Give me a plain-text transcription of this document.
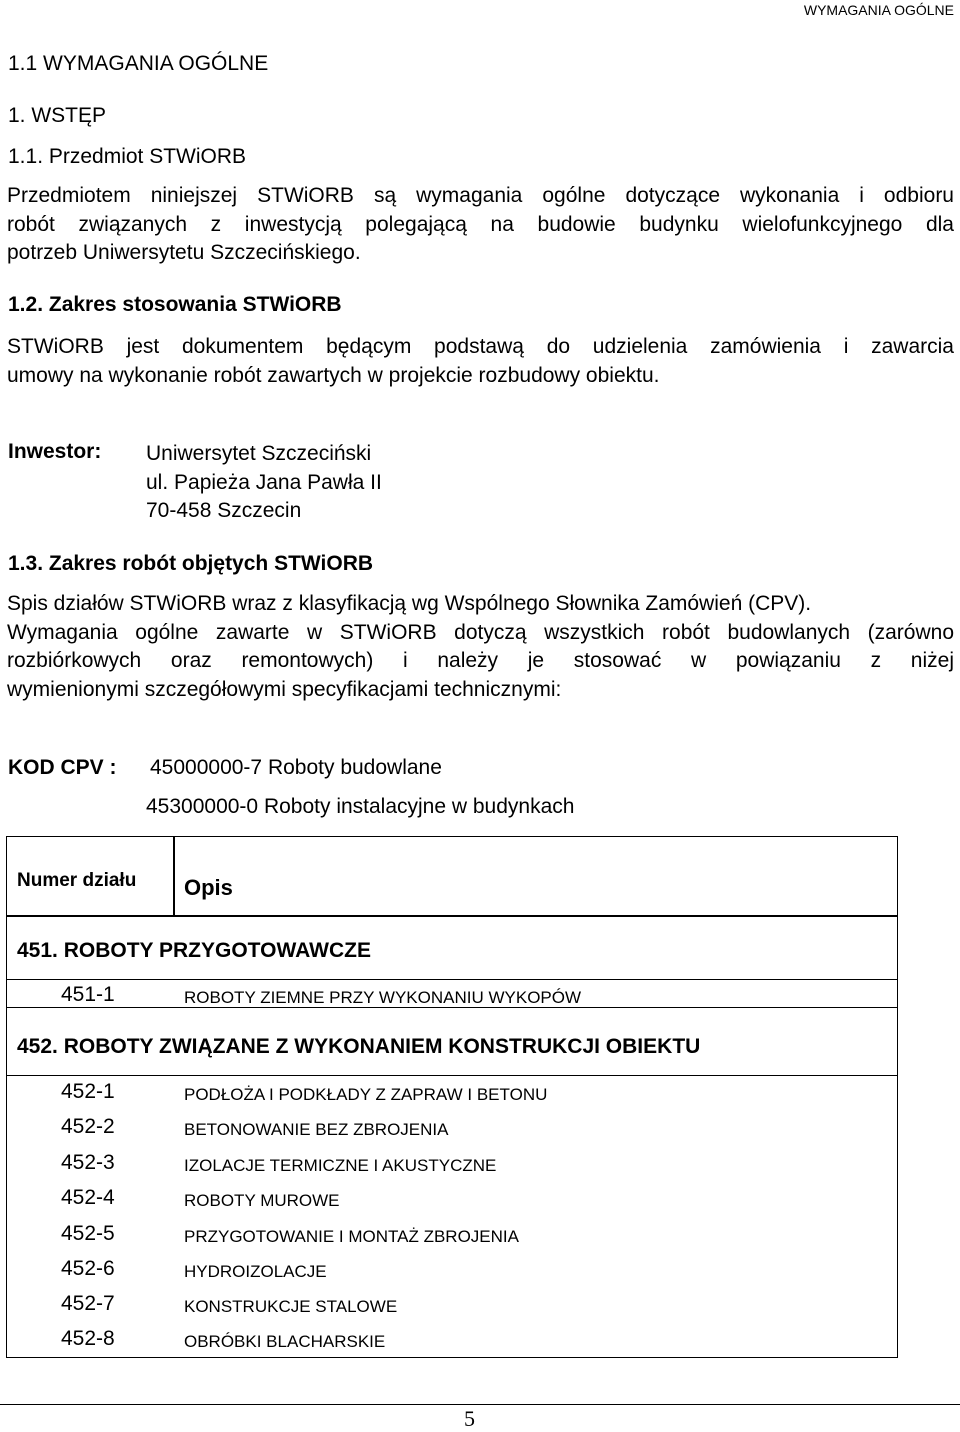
WYMAGANIA OGÓLNE
1.1 WYMAGANIA OGÓLNE
1. WSTĘP
1.1. Przedmiot STWiORB
Przedmiotem niniejszej STWiORB są wymagania ogólne dotyczące wykonania i odbioru
robót związanych z inwestycją polegającą na budowie budynku wielofunkcyjnego dla
potrzeb Uniwersytetu Szczecińskiego.
1.2. Zakres stosowania STWiORB
STWiORB jest dokumentem będącym podstawą do udzielenia zamówienia i zawarcia
umowy na wykonanie robót zawartych w projekcie rozbudowy obiektu.
Inwestor: Uniwersytet Szczeciński
ul. Papieża Jana Pawła II
70-458 Szczecin
1.3. Zakres robót objętych STWiORB
Spis działów STWiORB wraz z klasyfikacją wg Wspólnego Słownika Zamówień (CPV).
Wymagania ogólne zawarte w STWiORB dotyczą wszystkich robót budowlanych (zarówno
rozbiórkowych oraz remontowych) i należy je stosować w powiązaniu z niżej
wymienionymi szczegółowymi specyfikacjami technicznymi:
KOD CPV : 45000000-7 Roboty budowlane
45300000-0 Roboty instalacyjne w budynkach
Numer działu Opis
451. ROBOTY PRZYGOTOWAWCZE
451-1	ROBOTY ZIEMNE PRZY WYKONANIU WYKOPÓW
452. ROBOTY ZWIĄZANE Z WYKONANIEM KONSTRUKCJI OBIEKTU
452-1	PODŁOŻA I PODKŁADY Z ZAPRAW I BETONU
452-2	BETONOWANIE BEZ ZBROJENIA
452-3	IZOLACJE TERMICZNE I AKUSTYCZNE
452-4	ROBOTY MUROWE
452-5	PRZYGOTOWANIE I MONTAŻ ZBROJENIA
452-6	HYDROIZOLACJE
452-7	KONSTRUKCJE STALOWE
452-8	OBRÓBKI BLACHARSKIE
5
